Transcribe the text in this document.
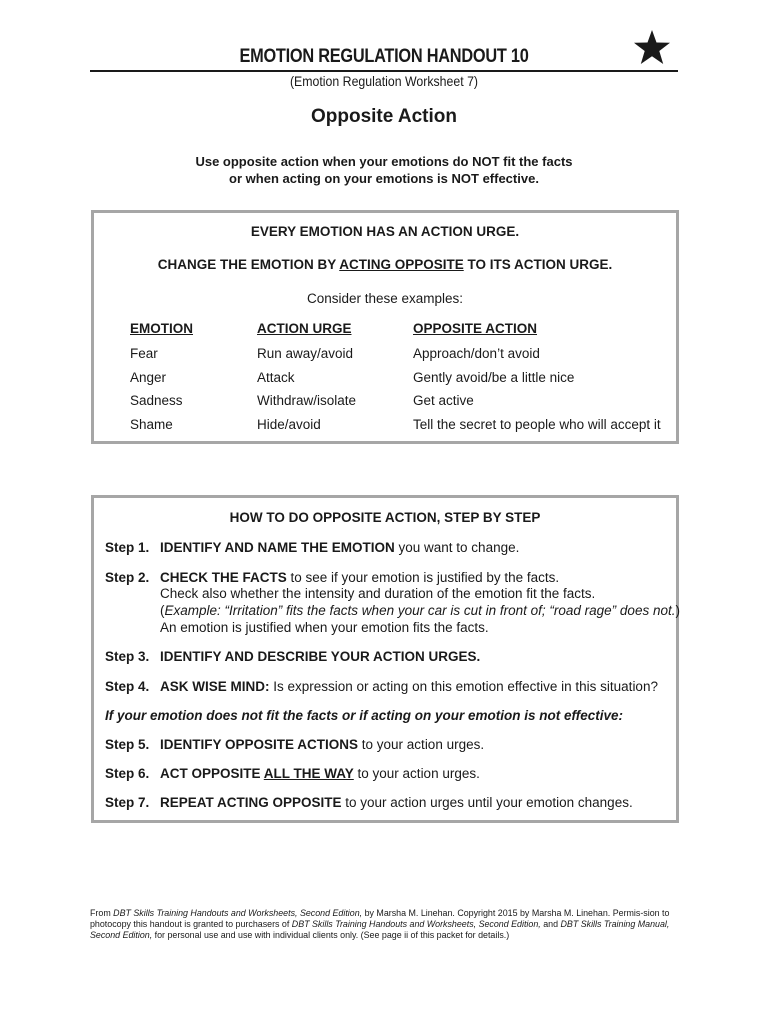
EMOTION REGULATION HANDOUT 10
(Emotion Regulation Worksheet 7)
Opposite Action
Use opposite action when your emotions do NOT fit the facts
or when acting on your emotions is NOT effective.
EVERY EMOTION HAS AN ACTION URGE.
CHANGE THE EMOTION BY ACTING OPPOSITE TO ITS ACTION URGE.
Consider these examples:
EMOTION	ACTION URGE	OPPOSITE ACTION
Fear	Run away/avoid	Approach/don’t avoid
Anger	Attack	Gently avoid/be a little nice
Sadness	Withdraw/isolate	Get active
Shame	Hide/avoid	Tell the secret to people who will accept it
HOW TO DO OPPOSITE ACTION, STEP BY STEP
Step 1. IDENTIFY AND NAME THE EMOTION you want to change.
Step 2. CHECK THE FACTS to see if your emotion is justified by the facts.
Check also whether the intensity and duration of the emotion fit the facts.
(Example: “Irritation” fits the facts when your car is cut in front of; “road rage” does not.)
An emotion is justified when your emotion fits the facts.
Step 3. IDENTIFY AND DESCRIBE YOUR ACTION URGES.
Step 4. ASK WISE MIND: Is expression or acting on this emotion effective in this situation?
If your emotion does not fit the facts or if acting on your emotion is not effective:
Step 5. IDENTIFY OPPOSITE ACTIONS to your action urges.
Step 6. ACT OPPOSITE ALL THE WAY to your action urges.
Step 7. REPEAT ACTING OPPOSITE to your action urges until your emotion changes.
From DBT Skills Training Handouts and Worksheets, Second Edition, by Marsha M. Linehan. Copyright 2015 by Marsha M. Linehan. Permis-sion to photocopy this handout is granted to purchasers of DBT Skills Training Handouts and Worksheets, Second Edition, and DBT Skills Training Manual, Second Edition, for personal use and use with individual clients only. (See page ii of this packet for details.)
